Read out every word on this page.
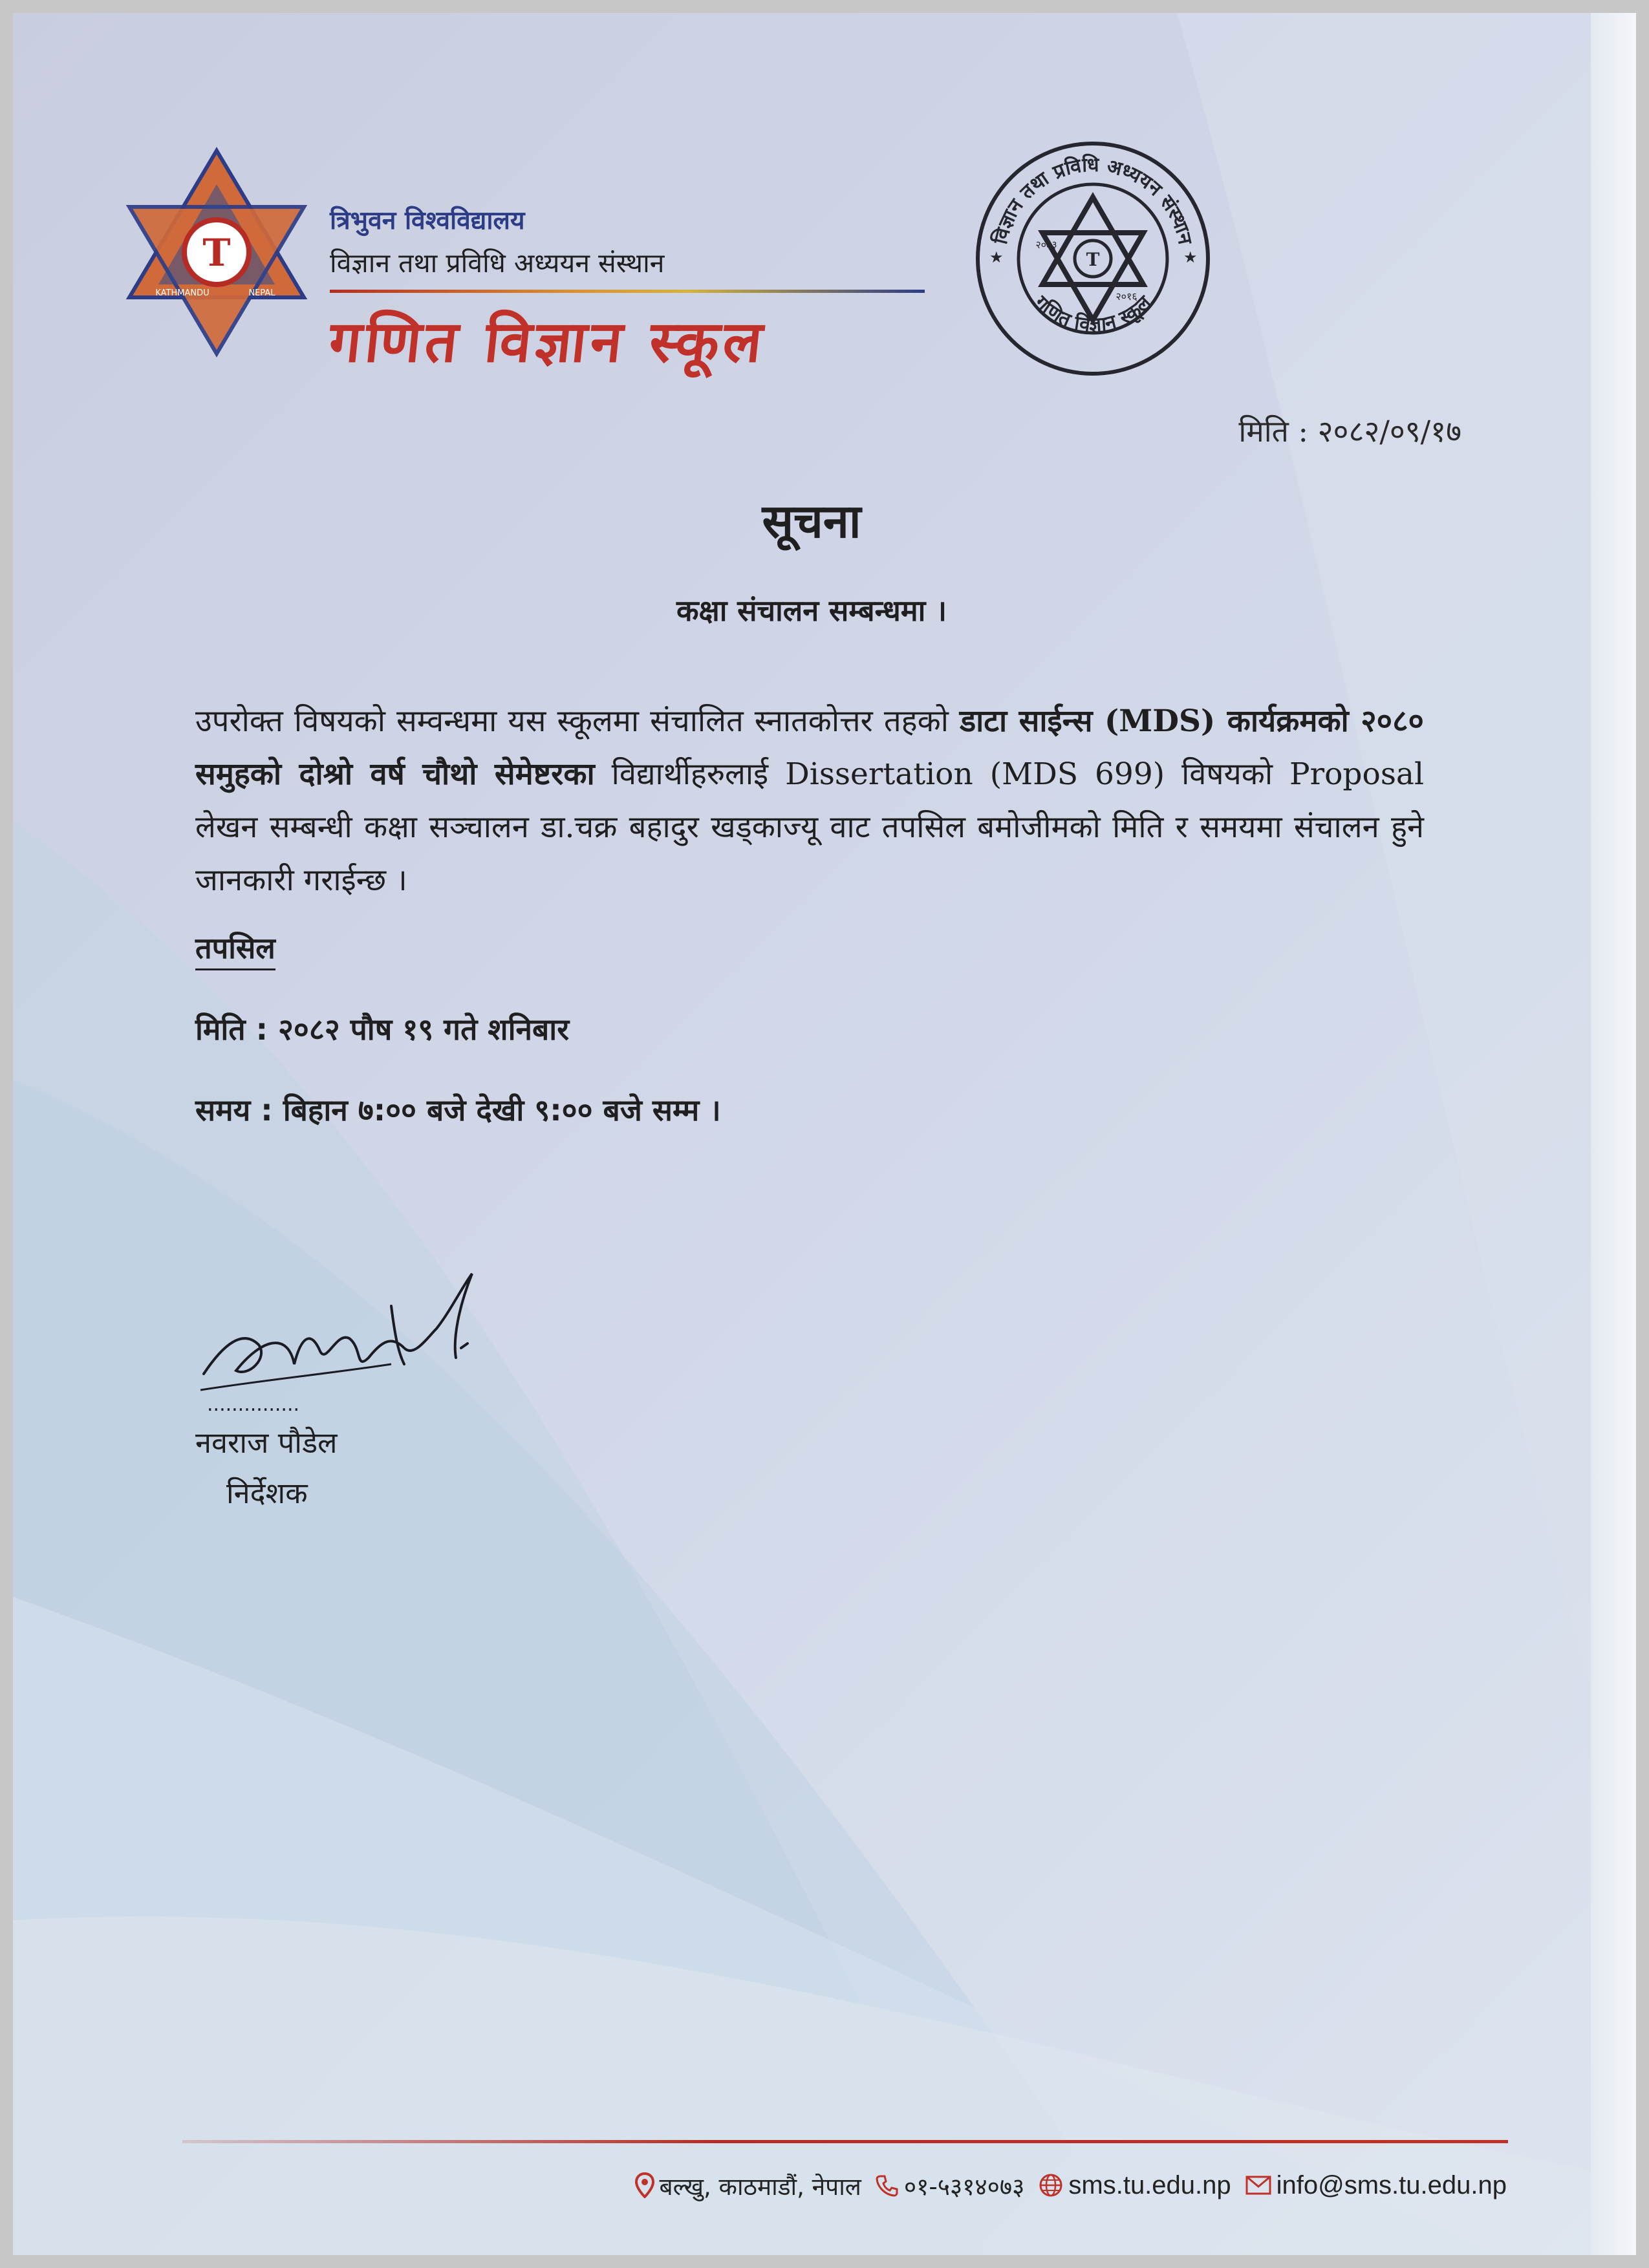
T
KATHMANDU	NEPAL
त्रिभुवन विश्वविद्यालय
विज्ञान तथा प्रविधि अध्ययन संस्थान
गणित विज्ञान स्कूल
विज्ञान तथा प्रविधि अध्ययन संस्थान
गणित विज्ञान स्कूल
★	★
T
२०७३
२०१६
मिति : २०८२/०९/१७
सूचना
कक्षा संचालन सम्बन्धमा ।
उपरोक्त विषयको सम्वन्धमा यस स्कूलमा संचालित स्नातकोत्तर तहको डाटा साईन्स (MDS) कार्यक्रमको २०८० समुहको दोश्रो वर्ष चौथो सेमेष्टरका विद्यार्थीहरुलाई Dissertation (MDS 699) विषयको Proposal लेखन सम्बन्धी कक्षा सञ्चालन डा.चक्र बहादुर खड्काज्यू वाट तपसिल बमोजीमको मिति र समयमा संचालन हुने जानकारी गराईन्छ ।
तपसिल
मिति : २०८२ पौष १९ गते शनिबार
समय : बिहान ७:०० बजे देखी ९:०० बजे सम्म ।
...............
नवराज पौडेल
निर्देशक
बल्खु, काठमाडौं, नेपाल ०१-५३१४०७३ sms.tu.edu.np info@sms.tu.edu.np
